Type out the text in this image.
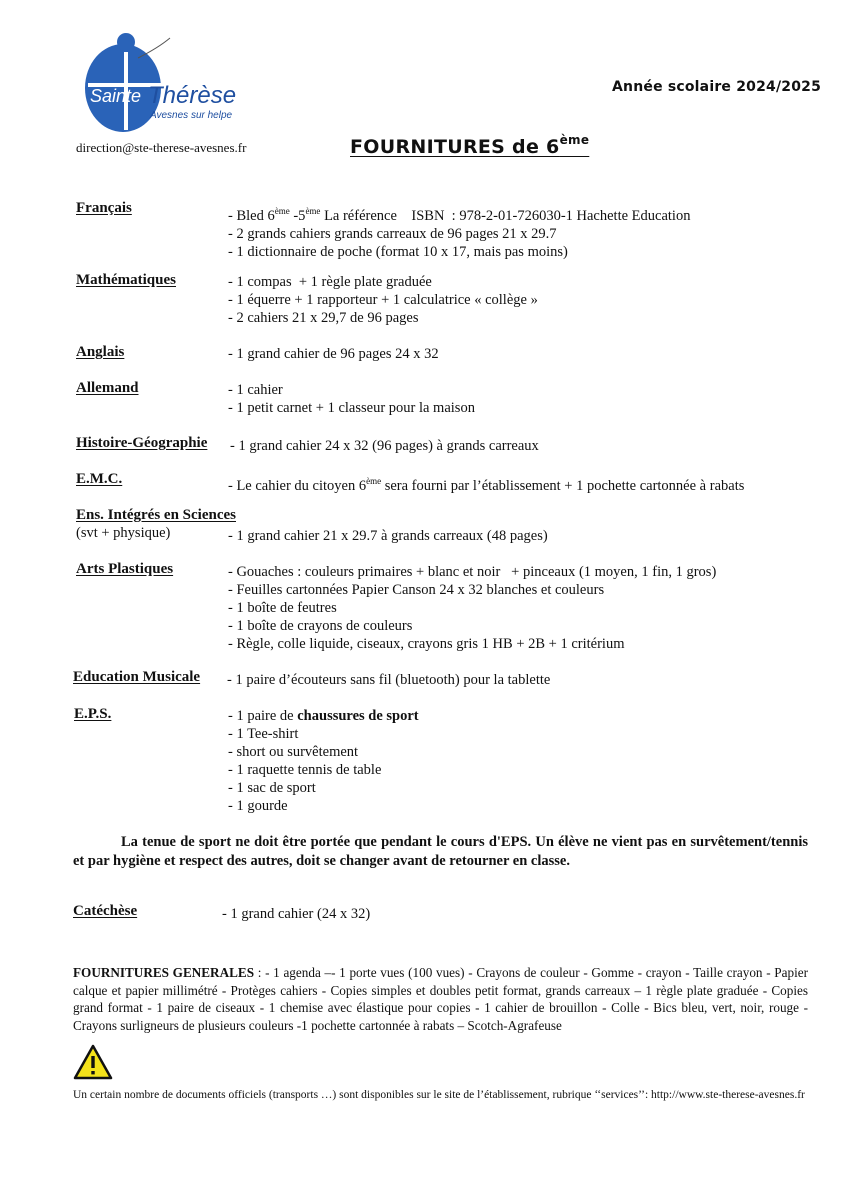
Sainte Thérèse
Avesnes sur helpe
direction@ste-therese-avesnes.fr
Année scolaire 2024/2025
FOURNITURES de 6ème
Français	- Bled 6ème -5ème La référence    ISBN  : 978-2-01-726030-1 Hachette Education
- 2 grands cahiers grands carreaux de 96 pages 21 x 29.7
- 1 dictionnaire de poche (format 10 x 17, mais pas moins)
Mathématiques	- 1 compas  + 1 règle plate graduée
- 1 équerre + 1 rapporteur + 1 calculatrice « collège »
- 2 cahiers 21 x 29,7 de 96 pages
Anglais	- 1 grand cahier de 96 pages 24 x 32
Allemand	- 1 cahier
- 1 petit carnet + 1 classeur pour la maison
Histoire-Géographie - 1 grand cahier 24 x 32 (96 pages) à grands carreaux
E.M.C.	- Le cahier du citoyen 6ème sera fourni par l’établissement + 1 pochette cartonnée à rabats
Ens. Intégrés en Sciences
(svt + physique)	- 1 grand cahier 21 x 29.7 à grands carreaux (48 pages)
Arts Plastiques	- Gouaches : couleurs primaires + blanc et noir   + pinceaux (1 moyen, 1 fin, 1 gros)
- Feuilles cartonnées Papier Canson 24 x 32 blanches et couleurs
- 1 boîte de feutres
- 1 boîte de crayons de couleurs
- Règle, colle liquide, ciseaux, crayons gris 1 HB + 2B + 1 critérium
Education Musicale - 1 paire d’écouteurs sans fil (bluetooth) pour la tablette
E.P.S.	- 1 paire de chaussures de sport
- 1 Tee-shirt
- short ou survêtement
- 1 raquette tennis de table
- 1 sac de sport
- 1 gourde

La tenue de sport ne doit être portée que pendant le cours d'EPS. Un élève ne vient pas en survêtement/tennis et par hygiène et respect des autres, doit se changer avant de retourner en classe.

Catéchèse	- 1 grand cahier (24 x 32)
FOURNITURES GENERALES : - 1 agenda –- 1 porte vues (100 vues) - Crayons de couleur - Gomme - crayon - Taille crayon - Papier calque et papier millimétré - Protèges cahiers - Copies simples et doubles petit format, grands carreaux – 1 règle plate graduée - Copies grand format - 1 paire de ciseaux - 1 chemise avec élastique pour copies - 1 cahier de brouillon - Colle - Bics bleu, vert, noir, rouge - Crayons surligneurs de plusieurs couleurs -1 pochette cartonnée à rabats – Scotch-Agrafeuse
Un certain nombre de documents officiels (transports …) sont disponibles sur le site de l’établissement, rubrique ‘‘services’’: http://www.ste-therese-avesnes.fr
